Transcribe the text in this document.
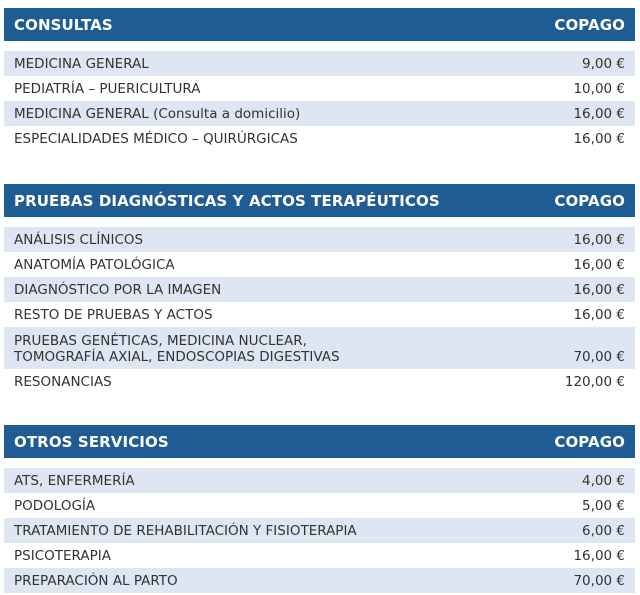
CONSULTAS	COPAGO
MEDICINA GENERAL	9,00 €
PEDIATRÍA – PUERICULTURA	10,00 €
MEDICINA GENERAL (Consulta a domicilio)	16,00 €
ESPECIALIDADES MÉDICO – QUIRÚRGICAS	16,00 €
PRUEBAS DIAGNÓSTICAS Y ACTOS TERAPÉUTICOS	COPAGO
ANÁLISIS CLÍNICOS	16,00 €
ANATOMÍA PATOLÓGICA	16,00 €
DIAGNÓSTICO POR LA IMAGEN	16,00 €
RESTO DE PRUEBAS Y ACTOS	16,00 €
PRUEBAS GENÉTICAS, MEDICINA NUCLEAR,
TOMOGRAFÍA AXIAL, ENDOSCOPIAS DIGESTIVAS	70,00 €
RESONANCIAS	120,00 €
OTROS SERVICIOS	COPAGO
ATS, ENFERMERÍA	4,00 €
PODOLOGÍA	5,00 €
TRATAMIENTO DE REHABILITACIÓN Y FISIOTERAPIA	6,00 €
PSICOTERAPIA	16,00 €
PREPARACIÓN AL PARTO	70,00 €
